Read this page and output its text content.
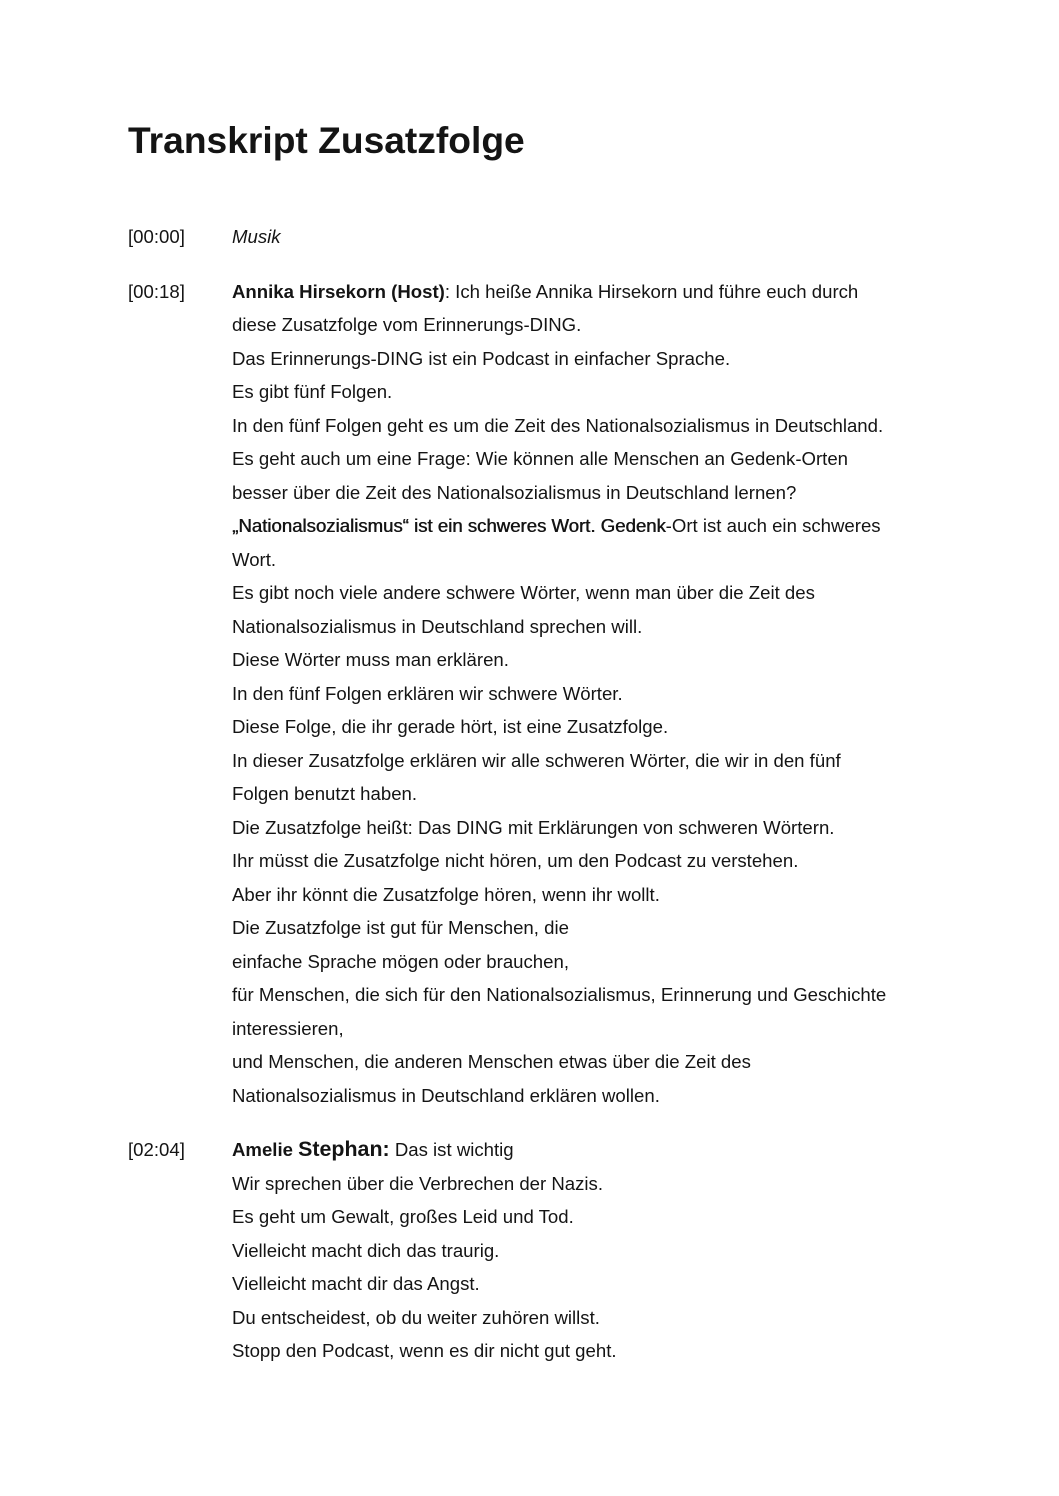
Transkript Zusatzfolge
[00:00]	Musik
[00:18]	Annika Hirsekorn (Host): Ich heiße Annika Hirsekorn und führe euch durch
diese Zusatzfolge vom Erinnerungs-DING.
Das Erinnerungs-DING ist ein Podcast in einfacher Sprache.
Es gibt fünf Folgen.
In den fünf Folgen geht es um die Zeit des Nationalsozialismus in Deutschland.
Es geht auch um eine Frage: Wie können alle Menschen an Gedenk-Orten
besser über die Zeit des Nationalsozialismus in Deutschland lernen?
„Nationalsozialismus“ ist ein schweres Wort. Gedenk-Ort ist auch ein schweres
Wort.
Es gibt noch viele andere schwere Wörter, wenn man über die Zeit des
Nationalsozialismus in Deutschland sprechen will.
Diese Wörter muss man erklären.
In den fünf Folgen erklären wir schwere Wörter.
Diese Folge, die ihr gerade hört, ist eine Zusatzfolge.
In dieser Zusatzfolge erklären wir alle schweren Wörter, die wir in den fünf
Folgen benutzt haben.
Die Zusatzfolge heißt: Das DING mit Erklärungen von schweren Wörtern.
Ihr müsst die Zusatzfolge nicht hören, um den Podcast zu verstehen.
Aber ihr könnt die Zusatzfolge hören, wenn ihr wollt.
Die Zusatzfolge ist gut für Menschen, die
einfache Sprache mögen oder brauchen,
für Menschen, die sich für den Nationalsozialismus, Erinnerung und Geschichte
interessieren,
und Menschen, die anderen Menschen etwas über die Zeit des
Nationalsozialismus in Deutschland erklären wollen.
[02:04]	Amelie Stephan: Das ist wichtig
Wir sprechen über die Verbrechen der Nazis.
Es geht um Gewalt, großes Leid und Tod.
Vielleicht macht dich das traurig.
Vielleicht macht dir das Angst.
Du entscheidest, ob du weiter zuhören willst.
Stopp den Podcast, wenn es dir nicht gut geht.
